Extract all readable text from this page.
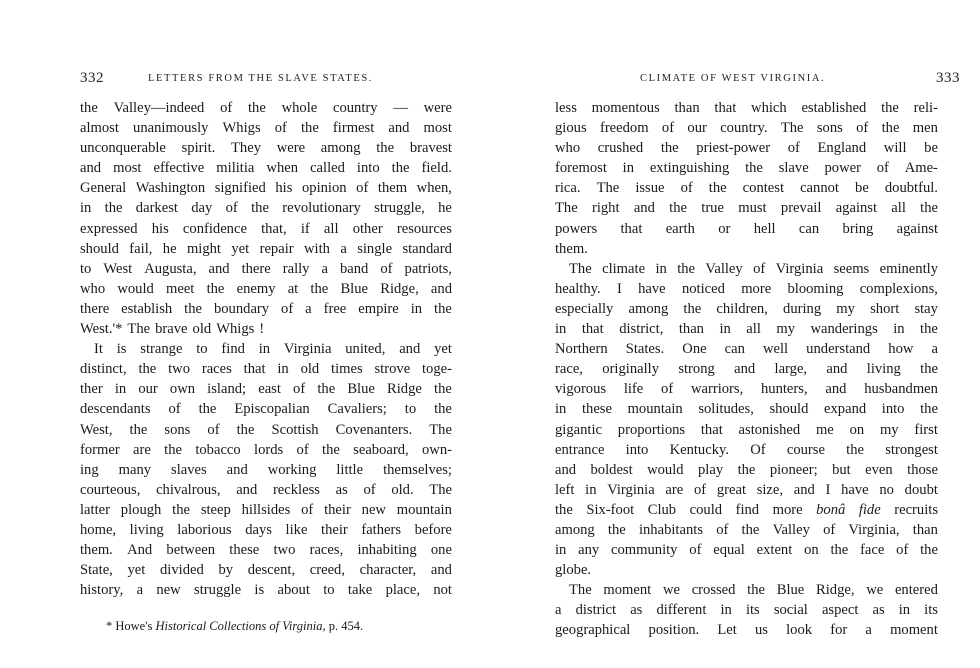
332	LETTERS FROM THE SLAVE STATES.
the Valley—indeed of the whole country — were
almost unanimously Whigs of the firmest and most
unconquerable spirit. They were among the bravest
and most effective militia when called into the field.
General Washington signified his opinion of them when,
in the darkest day of the revolutionary struggle, he
expressed his confidence that, if all other resources
should fail, he might yet repair with a single standard
to West Augusta, and there rally a band of patriots,
who would meet the enemy at the Blue Ridge, and
there establish the boundary of a free empire in the
West.'* The brave old Whigs !
It is strange to find in Virginia united, and yet
distinct, the two races that in old times strove toge-
ther in our own island; east of the Blue Ridge the
descendants of the Episcopalian Cavaliers; to the
West, the sons of the Scottish Covenanters. The
former are the tobacco lords of the seaboard, own-
ing many slaves and working little themselves;
courteous, chivalrous, and reckless as of old. The
latter plough the steep hillsides of their new mountain
home, living laborious days like their fathers before
them. And between these two races, inhabiting one
State, yet divided by descent, creed, character, and
history, a new struggle is about to take place, not
* Howe's Historical Collections of Virginia, p. 454.
CLIMATE OF WEST VIRGINIA.	333
less momentous than that which established the reli-
gious freedom of our country. The sons of the men
who crushed the priest-power of England will be
foremost in extinguishing the slave power of Ame-
rica. The issue of the contest cannot be doubtful.
The right and the true must prevail against all the
powers that earth or hell can bring against
them.
The climate in the Valley of Virginia seems eminently
healthy. I have noticed more blooming complexions,
especially among the children, during my short stay
in that district, than in all my wanderings in the
Northern States. One can well understand how a
race, originally strong and large, and living the
vigorous life of warriors, hunters, and husbandmen
in these mountain solitudes, should expand into the
gigantic proportions that astonished me on my first
entrance into Kentucky. Of course the strongest
and boldest would play the pioneer; but even those
left in Virginia are of great size, and I have no doubt
the Six-foot Club could find more bonâ fide recruits
among the inhabitants of the Valley of Virginia, than
in any community of equal extent on the face of the
globe.
The moment we crossed the Blue Ridge, we entered
a district as different in its social aspect as in its
geographical position. Let us look for a moment
